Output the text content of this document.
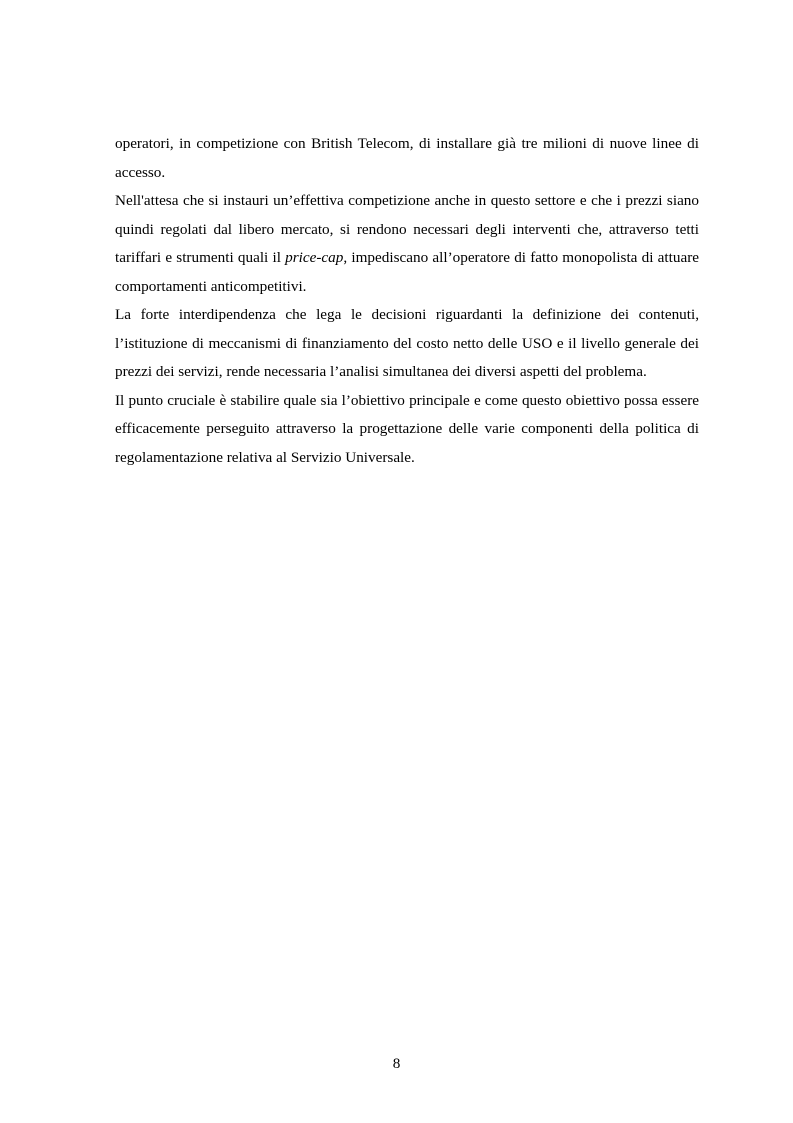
operatori, in competizione con British Telecom, di installare già tre milioni di nuove linee di accesso.

Nell'attesa che si instauri un’effettiva competizione anche in questo settore e che i prezzi siano quindi regolati dal libero mercato, si rendono necessari degli interventi che, attraverso tetti tariffari e strumenti quali il price-cap, impediscano all’operatore di fatto monopolista di attuare comportamenti anticompetitivi.

La forte interdipendenza che lega le decisioni riguardanti la definizione dei contenuti, l’istituzione di meccanismi di finanziamento del costo netto delle USO e il livello generale dei prezzi dei servizi, rende necessaria l’analisi simultanea dei diversi aspetti del problema.

Il punto cruciale è stabilire quale sia l’obiettivo principale e come questo obiettivo possa essere efficacemente perseguito attraverso la progettazione delle varie componenti della politica di regolamentazione relativa al Servizio Universale.

8
